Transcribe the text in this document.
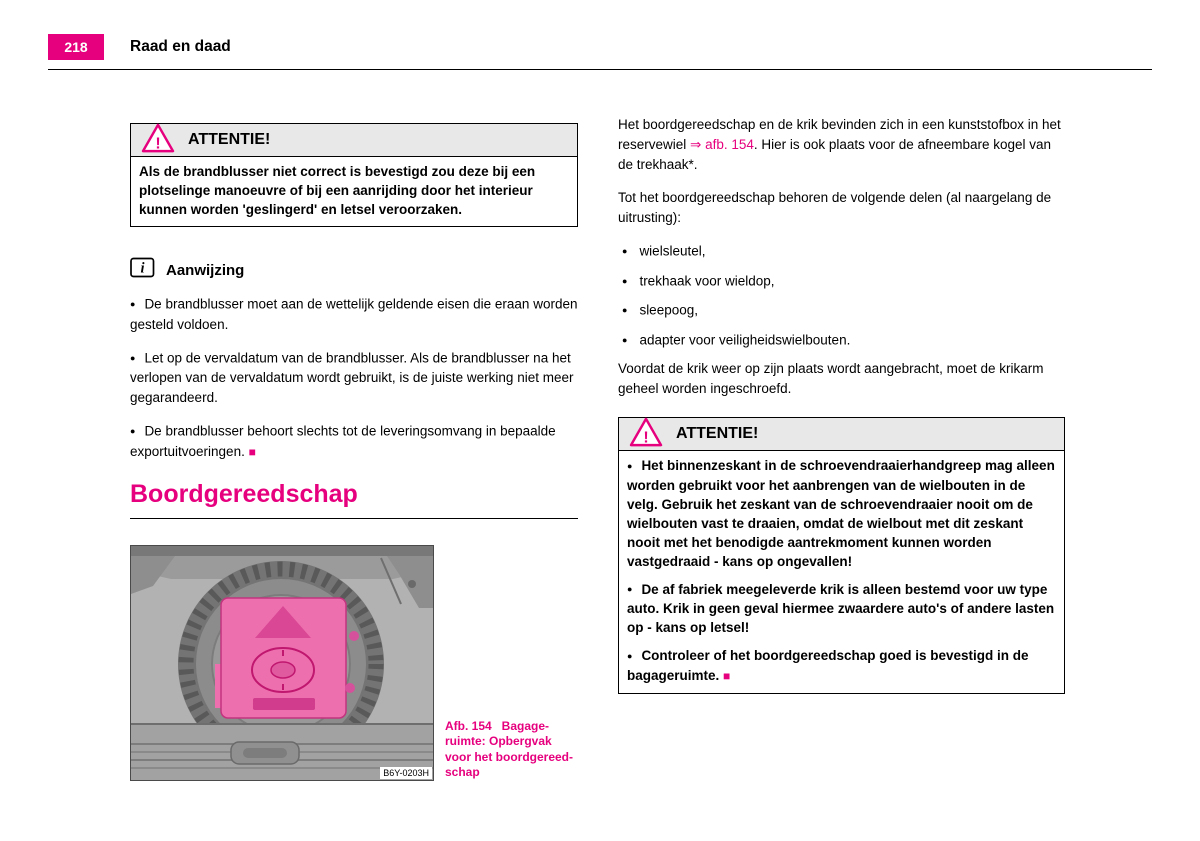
218	Raad en daad
! ATTENTIE!

Als de brandblusser niet correct is bevestigd zou deze bij een plotselinge manoeuvre of bij een aanrijding door het interieur kunnen worden 'geslingerd' en letsel veroorzaken.

i Aanwijzing

● De brandblusser moet aan de wettelijk geldende eisen die eraan worden gesteld voldoen.

● Let op de vervaldatum van de brandblusser. Als de brandblusser na het verlopen van de vervaldatum wordt gebruikt, is de juiste werking niet meer gegarandeerd.

● De brandblusser behoort slechts tot de leveringsomvang in bepaalde exportuitvoeringen. ■

Boordgereedschap
B6Y-0203H
Afb. 154   Bagage-
ruimte: Opbergvak
voor het boordgereed-
schap

Het boordgereedschap en de krik bevinden zich in een kunststofbox in het reservewiel ⇒ afb. 154. Hier is ook plaats voor de afneembare kogel van de trekhaak*.

Tot het boordgereedschap behoren de volgende delen (al naargelang de uitrusting):

● wielsleutel,

● trekhaak voor wieldop,

● sleepoog,

● adapter voor veiligheidswielbouten.

Voordat de krik weer op zijn plaats wordt aangebracht, moet de krikarm geheel worden ingeschroefd.

! ATTENTIE!

● Het binnenzeskant in de schroevendraaierhandgreep mag alleen worden gebruikt voor het aanbrengen van de wielbouten in de velg. Gebruik het zeskant van de schroevendraaier nooit om de wielbouten vast te draaien, omdat de wielbout met dit zeskant nooit met het benodigde aantrekmoment kunnen worden vastgedraaid - kans op ongevallen!

● De af fabriek meegeleverde krik is alleen bestemd voor uw type auto. Krik in geen geval hiermee zwaardere auto's of andere lasten op - kans op letsel!

● Controleer of het boordgereedschap goed is bevestigd in de bagageruimte. ■
